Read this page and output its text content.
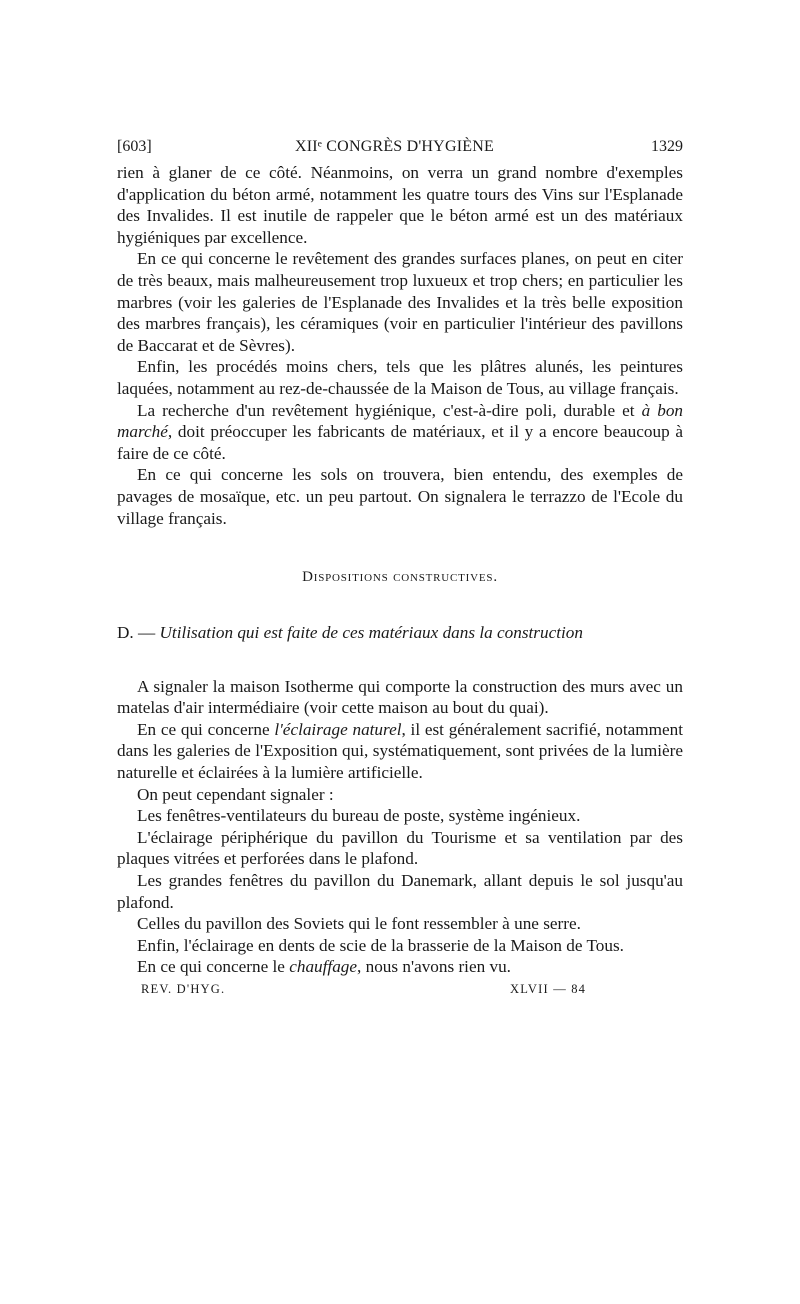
[603]	XIIᵉ CONGRÈS D'HYGIÈNE	1329

rien à glaner de ce côté. Néanmoins, on verra un grand nombre d'exemples d'application du béton armé, notamment les quatre tours des Vins sur l'Esplanade des Invalides. Il est inutile de rappeler que le béton armé est un des matériaux hygiéniques par excellence.

En ce qui concerne le revêtement des grandes surfaces planes, on peut en citer de très beaux, mais malheureusement trop luxueux et trop chers; en particulier les marbres (voir les galeries de l'Esplanade des Invalides et la très belle exposition des marbres français), les céramiques (voir en particulier l'intérieur des pavillons de Baccarat et de Sèvres).

Enfin, les procédés moins chers, tels que les plâtres alunés, les peintures laquées, notamment au rez-de-chaussée de la Maison de Tous, au village français.

La recherche d'un revêtement hygiénique, c'est-à-dire poli, durable et à bon marché, doit préoccuper les fabricants de matériaux, et il y a encore beaucoup à faire de ce côté.

En ce qui concerne les sols on trouvera, bien entendu, des exemples de pavages de mosaïque, etc. un peu partout. On signalera le terrazzo de l'Ecole du village français.

Dispositions constructives.
D. — Utilisation qui est faite de ces matériaux dans la construction

A signaler la maison Isotherme qui comporte la construction des murs avec un matelas d'air intermédiaire (voir cette maison au bout du quai).

En ce qui concerne l'éclairage naturel, il est généralement sacrifié, notamment dans les galeries de l'Exposition qui, systématiquement, sont privées de la lumière naturelle et éclairées à la lumière artificielle.

On peut cependant signaler :

Les fenêtres-ventilateurs du bureau de poste, système ingénieux.

L'éclairage périphérique du pavillon du Tourisme et sa ventilation par des plaques vitrées et perforées dans le plafond.

Les grandes fenêtres du pavillon du Danemark, allant depuis le sol jusqu'au plafond.

Celles du pavillon des Soviets qui le font ressembler à une serre.

Enfin, l'éclairage en dents de scie de la brasserie de la Maison de Tous.

En ce qui concerne le chauffage, nous n'avons rien vu.

REV. D'HYG.	XLVII — 84
